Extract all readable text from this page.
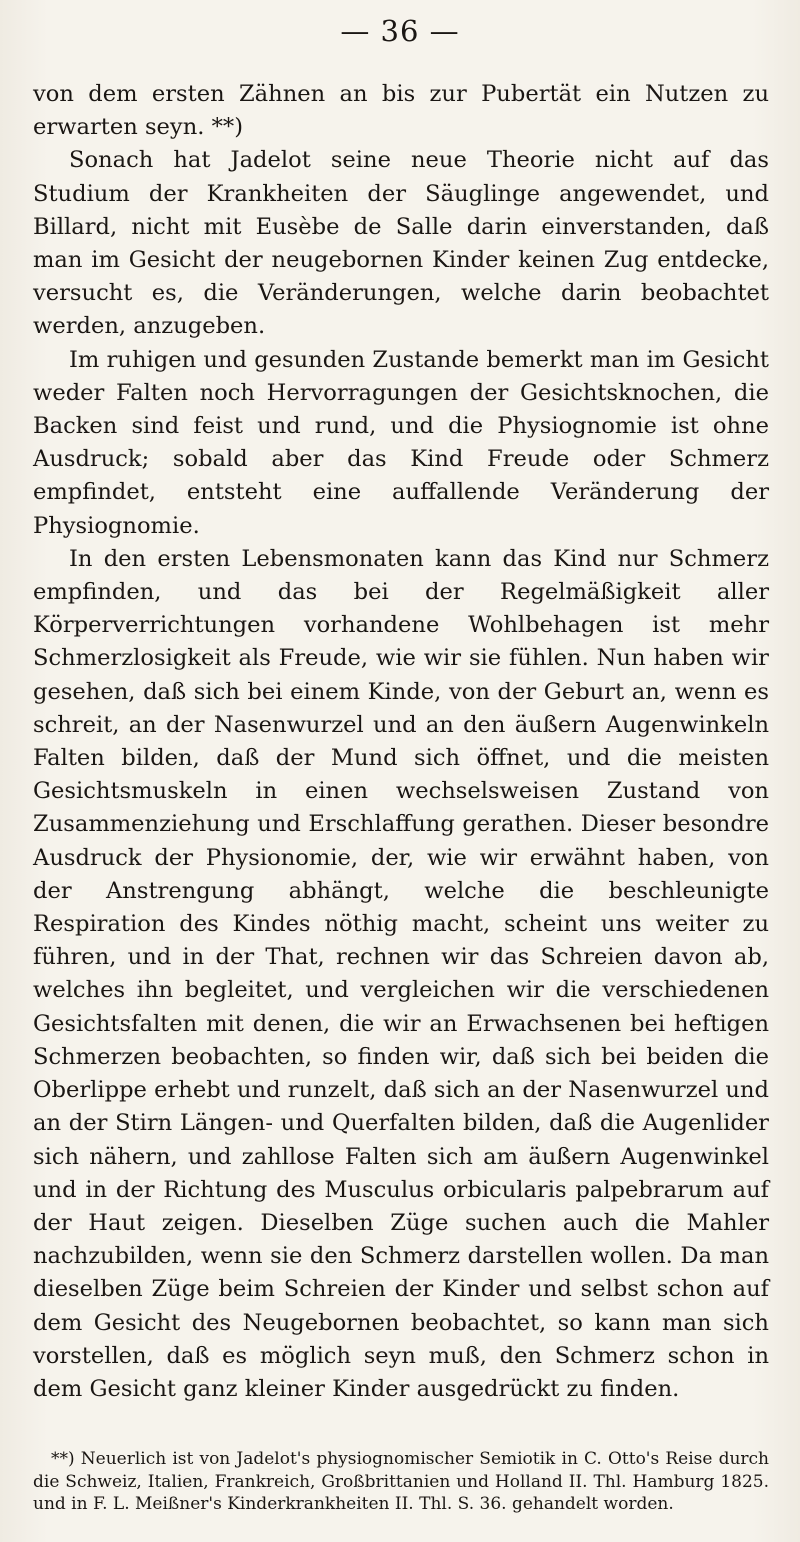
— 36 —

von dem ersten Zähnen an bis zur Pubertät ein Nutzen zu erwarten seyn. **)

Sonach hat Jadelot seine neue Theorie nicht auf das Studium der Krankheiten der Säuglinge angewendet, und Billard, nicht mit Eusèbe de Salle darin einverstanden, daß man im Gesicht der neugebornen Kinder keinen Zug entdecke, versucht es, die Veränderungen, welche darin beobachtet werden, anzugeben.

Im ruhigen und gesunden Zustande bemerkt man im Gesicht weder Falten noch Hervorragungen der Gesichtsknochen, die Backen sind feist und rund, und die Physiognomie ist ohne Ausdruck; sobald aber das Kind Freude oder Schmerz empfindet, entsteht eine auffallende Veränderung der Physiognomie.

In den ersten Lebensmonaten kann das Kind nur Schmerz empfinden, und das bei der Regelmäßigkeit aller Körperverrichtungen vorhandene Wohlbehagen ist mehr Schmerzlosigkeit als Freude, wie wir sie fühlen. Nun haben wir gesehen, daß sich bei einem Kinde, von der Geburt an, wenn es schreit, an der Nasenwurzel und an den äußern Augenwinkeln Falten bilden, daß der Mund sich öffnet, und die meisten Gesichtsmuskeln in einen wechselsweisen Zustand von Zusammenziehung und Erschlaffung gerathen. Dieser besondre Ausdruck der Physionomie, der, wie wir erwähnt haben, von der Anstrengung abhängt, welche die beschleunigte Respiration des Kindes nöthig macht, scheint uns weiter zu führen, und in der That, rechnen wir das Schreien davon ab, welches ihn begleitet, und vergleichen wir die verschiedenen Gesichtsfalten mit denen, die wir an Erwachsenen bei heftigen Schmerzen beobachten, so finden wir, daß sich bei beiden die Oberlippe erhebt und runzelt, daß sich an der Nasenwurzel und an der Stirn Längen- und Querfalten bilden, daß die Augenlider sich nähern, und zahllose Falten sich am äußern Augenwinkel und in der Richtung des Musculus orbicularis palpebrarum auf der Haut zeigen. Dieselben Züge suchen auch die Mahler nachzubilden, wenn sie den Schmerz darstellen wollen. Da man dieselben Züge beim Schreien der Kinder und selbst schon auf dem Gesicht des Neugebornen beobachtet, so kann man sich vorstellen, daß es möglich seyn muß, den Schmerz schon in dem Gesicht ganz kleiner Kinder ausgedrückt zu finden.

**) Neuerlich ist von Jadelot's physiognomischer Semiotik in C. Otto's Reise durch die Schweiz, Italien, Frankreich, Großbrittanien und Holland II. Thl. Hamburg 1825. und in F. L. Meißner's Kinderkrankheiten II. Thl. S. 36. gehandelt worden.
